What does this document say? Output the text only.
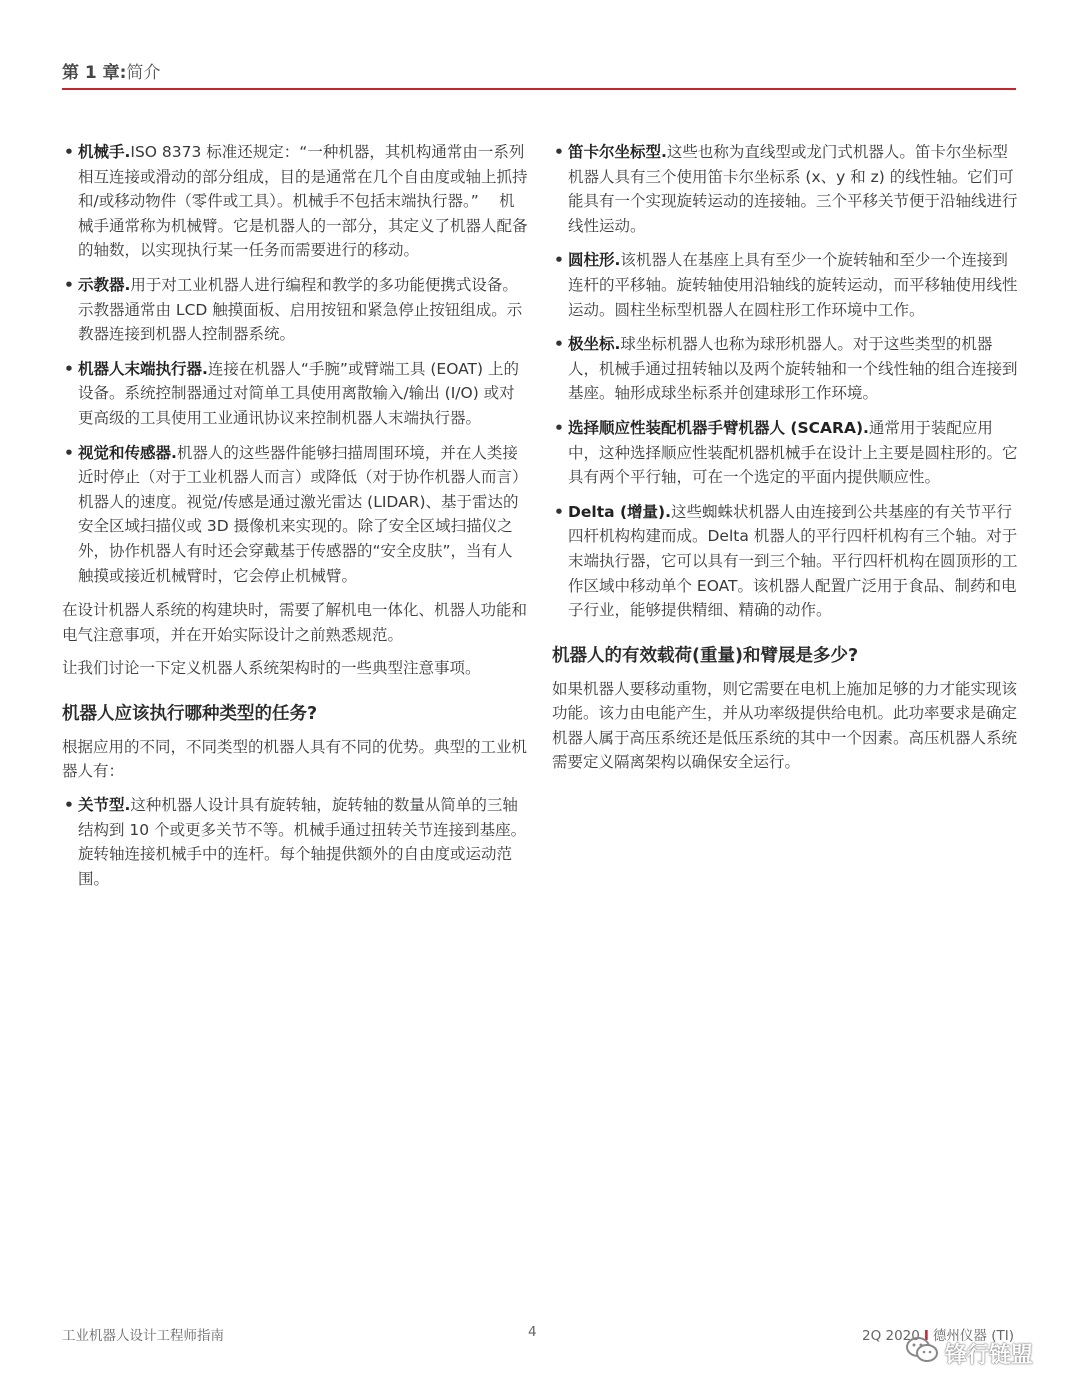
第 1 章:简介
• 机械手.ISO 8373 标准还规定：“一种机器，其机构通常由一系列相互连接或滑动的部分组成，目的是通常在几个自由度或轴上抓持和/或移动物件（零件或工具）。机械手不包括末端执行器。”　 机械手通常称为机械臂。它是机器人的一部分，其定义了机器人配备的轴数，以实现执行某一任务而需要进行的移动。
• 示教器.用于对工业机器人进行编程和教学的多功能便携式设备。示教器通常由 LCD 触摸面板、启用按钮和紧急停止按钮组成。示教器连接到机器人控制器系统。
• 机器人末端执行器.连接在机器人“手腕”或臂端工具 (EOAT) 上的设备。系统控制器通过对简单工具使用离散输入/输出 (I/O) 或对更高级的工具使用工业通讯协议来控制机器人末端执行器。
• 视觉和传感器.机器人的这些器件能够扫描周围环境，并在人类接近时停止（对于工业机器人而言）或降低（对于协作机器人而言）机器人的速度。视觉/传感是通过激光雷达 (LIDAR)、基于雷达的安全区域扫描仪或 3D 摄像机来实现的。除了安全区域扫描仪之外，协作机器人有时还会穿戴基于传感器的“安全皮肤”，当有人触摸或接近机械臂时，它会停止机械臂。

在设计机器人系统的构建块时，需要了解机电一体化、机器人功能和电气注意事项，并在开始实际设计之前熟悉规范。

让我们讨论一下定义机器人系统架构时的一些典型注意事项。

机器人应该执行哪种类型的任务?

根据应用的不同，不同类型的机器人具有不同的优势。典型的工业机器人有：

• 关节型.这种机器人设计具有旋转轴，旋转轴的数量从简单的三轴结构到 10 个或更多关节不等。机械手通过扭转关节连接到基座。旋转轴连接机械手中的连杆。每个轴提供额外的自由度或运动范围。
• 笛卡尔坐标型.这些也称为直线型或龙门式机器人。笛卡尔坐标型机器人具有三个使用笛卡尔坐标系 (x、y 和 z) 的线性轴。它们可能具有一个实现旋转运动的连接轴。三个平移关节便于沿轴线进行线性运动。
• 圆柱形.该机器人在基座上具有至少一个旋转轴和至少一个连接到连杆的平移轴。旋转轴使用沿轴线的旋转运动，而平移轴使用线性运动。圆柱坐标型机器人在圆柱形工作环境中工作。
• 极坐标.球坐标机器人也称为球形机器人。对于这些类型的机器人，机械手通过扭转轴以及两个旋转轴和一个线性轴的组合连接到基座。轴形成球坐标系并创建球形工作环境。
• 选择顺应性装配机器手臂机器人 (SCARA).通常用于装配应用中，这种选择顺应性装配机器机械手在设计上主要是圆柱形的。它具有两个平行轴，可在一个选定的平面内提供顺应性。
• Delta (增量).这些蜘蛛状机器人由连接到公共基座的有关节平行四杆机构构建而成。Delta 机器人的平行四杆机构有三个轴。对于末端执行器，它可以具有一到三个轴。平行四杆机构在圆顶形的工作区域中移动单个 EOAT。该机器人配置广泛用于食品、制药和电子行业，能够提供精细、精确的动作。
机器人的有效载荷(重量)和臂展是多少?

如果机器人要移动重物，则它需要在电机上施加足够的力才能实现该功能。该力由电能产生，并从功率级提供给电机。此功率要求是确定机器人属于高压系统还是低压系统的其中一个因素。高压机器人系统需要定义隔离架构以确保安全运行。

工业机器人设计工程师指南	4	2Q 2020 I 德州仪器 (TI)
锋行链盟
